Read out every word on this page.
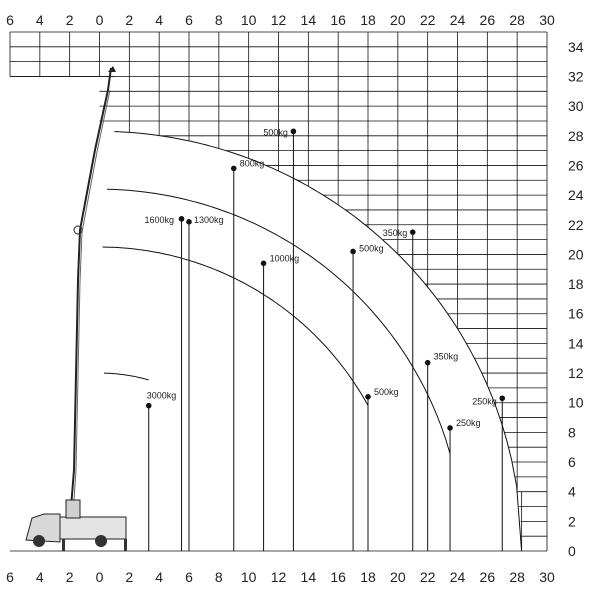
500kg
350kg
250kg
800kg
500kg
350kg
250kg
1600kg 1300kg
1000kg
500kg
3000kg
6 4 2 0 2 4 6 8 10 12 14 16 18 20 22 24 26 28 30
6 4 2 0 2 4 6 8 10 12 14 16 18 20 22 24 26 28 30
0
2
4
6
8
10
12
14
16
18
20
22
24
26
28
30
32
34
